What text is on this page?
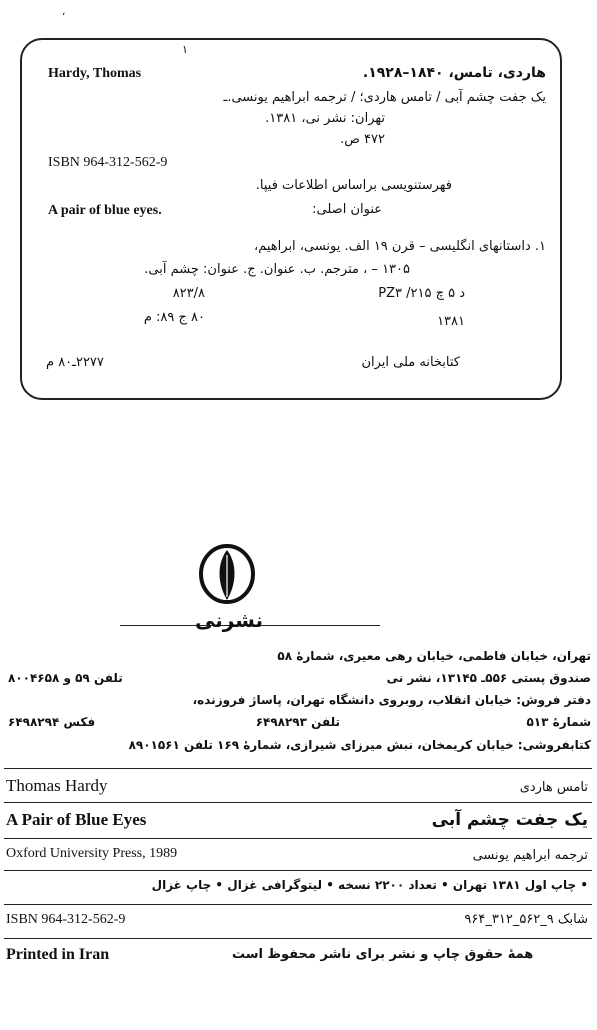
،
۱
Hardy, Thomas	هاردی، تامس، ۱۸۴۰–۱۹۲۸.
یک جفت چشم آبی / تامس هاردی؛ / ترجمه ابراهیم یونسی.ـ
تهران: نشر نی، ۱۳۸۱.
۴۷۲ ص.
ISBN 964-312-562-9
فهرستنویسی براساس اطلاعات فیپا.
A pair of blue eyes.	عنوان اصلی:
۱. داستانهای انگلیسی – قرن ۱۹ الف. یونسی، ابراهیم،
۱۳۰۵ – ، مترجم. ب. عنوان. ج. عنوان: چشم آبی.
۸۲۳/۸	PZ۳ /۲۱۵ د ۵ چ
۸۰ ج ۸۹: م	۱۳۸۱
۲۲۷۷ـ۸۰ م	کتابخانه ملی ایران
نشرنی
تهران، خیابان فاطمی، خیابان رهی معیری، شمارهٔ ۵۸
صندوق پستی ۵۵۶ـ ۱۳۱۴۵، نشر نی
تلفن ۵۹ و ۸۰۰۴۶۵۸
دفتر فروش: خیابان انقلاب، روبروی دانشگاه تهران، پاساژ فروزنده،
شمارهٔ ۵۱۳
تلفن ۶۴۹۸۲۹۳
فکس ۶۴۹۸۲۹۴
کتابفروشی: خیابان کریمخان، نبش میرزای شیرازی، شمارهٔ ۱۶۹ تلفن ۸۹۰۱۵۶۱
Thomas Hardy	تامس هاردی
A Pair of Blue Eyes	یک جفت چشم آبی
Oxford University Press, 1989	ترجمه ابراهیم یونسی
• چاپ اول ۱۳۸۱ تهران • تعداد ۲۲۰۰ نسخه • لیتوگرافی غزال • چاپ غزال
ISBN 964-312-562-9	شابک ۹_۵۶۲_۳۱۲_۹۶۴
Printed in Iran	همهٔ حقوق چاپ و نشر برای ناشر محفوظ است
